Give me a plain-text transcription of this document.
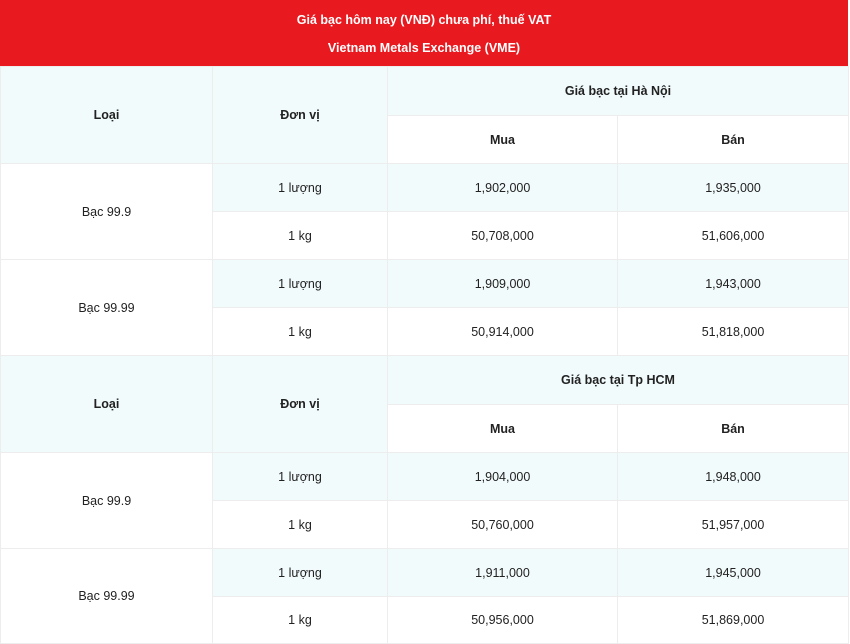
Giá bạc hôm nay (VNĐ) chưa phí, thuế VAT
Vietnam Metals Exchange (VME)
Loại	Đơn vị	Giá bạc tại Hà Nội	
		Mua	Bán
Bạc 99.9	1 lượng	1,902,000	1,935,000
	1 kg	50,708,000	51,606,000
Bạc 99.99	1 lượng	1,909,000	1,943,000
	1 kg	50,914,000	51,818,000
Loại	Đơn vị	Giá bạc tại Tp HCM	
		Mua	Bán
Bạc 99.9	1 lượng	1,904,000	1,948,000
	1 kg	50,760,000	51,957,000
Bạc 99.99	1 lượng	1,911,000	1,945,000
	1 kg	50,956,000	51,869,000
